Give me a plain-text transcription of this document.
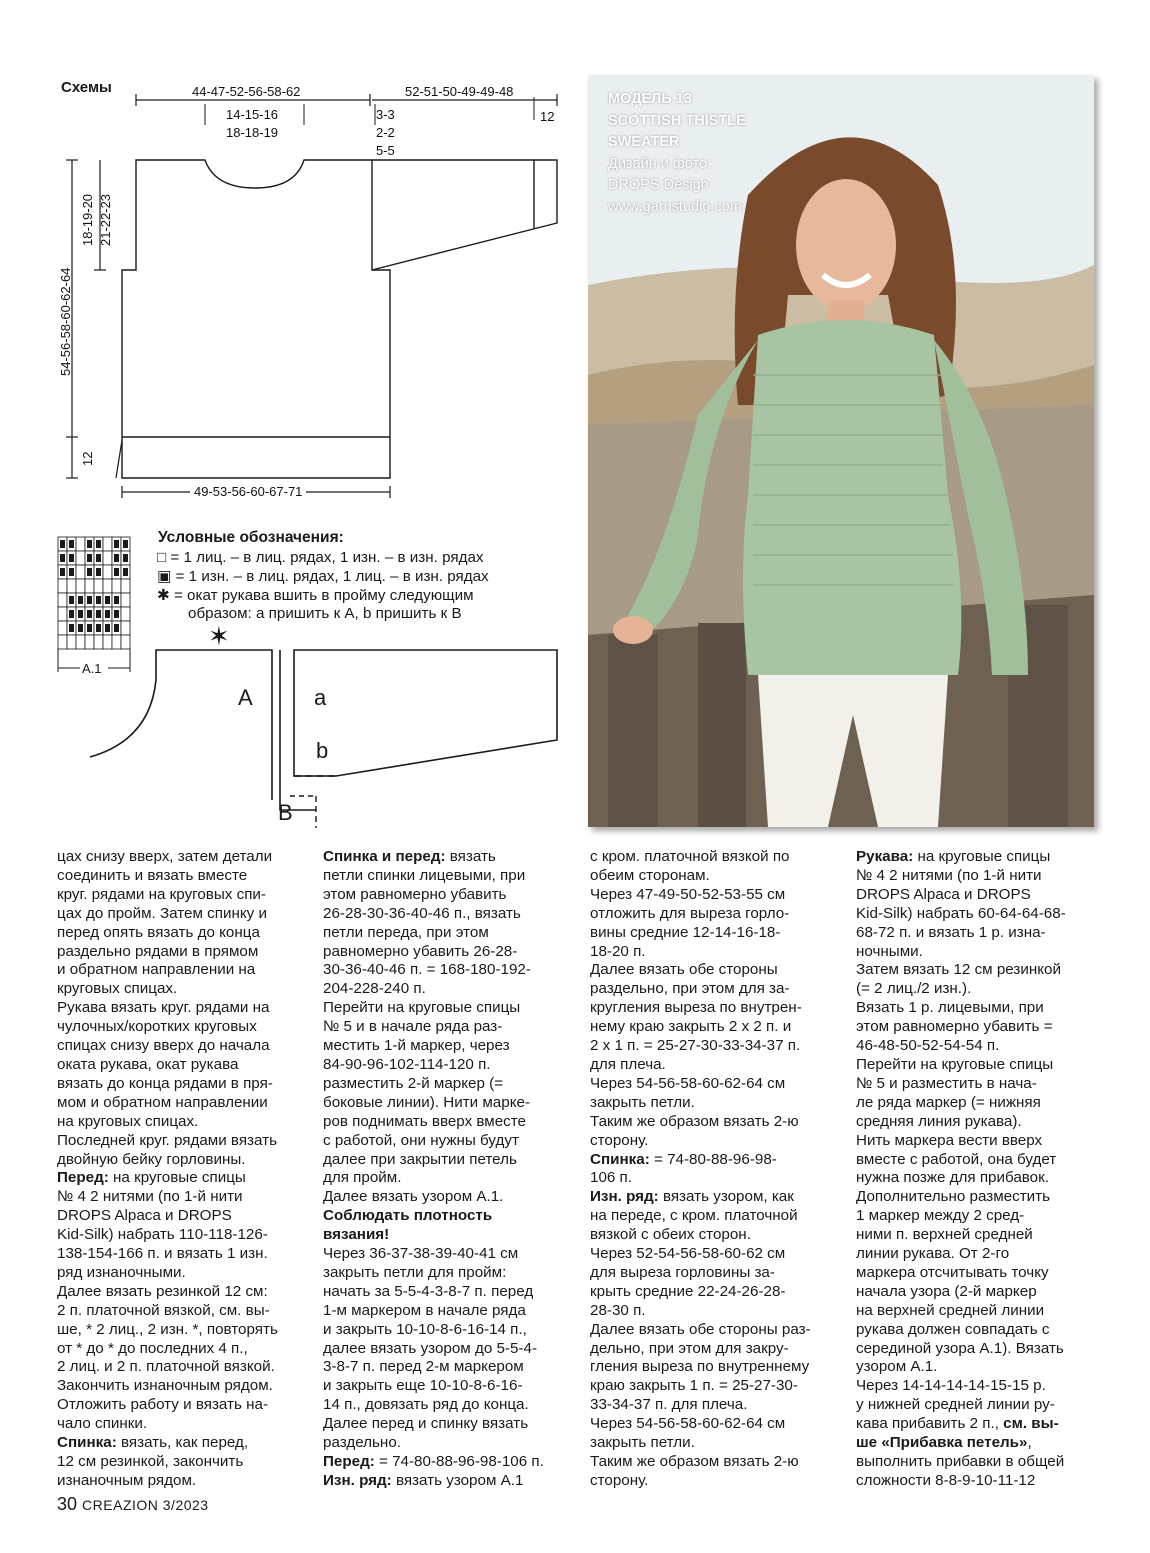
✶
Схемы	44-47-52-56-58-62
14-15-16
18-18-19
52-51-50-49-49-48
3-3
2-2
5-5
12
18-19-20 21-22-23
54-56-58-60-62-64
12
49-53-56-60-67-71
Условные обозначения:
□ = 1 лиц. – в лиц. рядах, 1 изн. – в изн. рядах
▣ = 1 изн. – в лиц. рядах, 1 лиц. – в изн. рядах
✱ = окат рукава вшить в пройму следующим
образом: a пришить к А, b пришить к В
A.1
A	a
b
B
МОДЕЛЬ 13
SCOTTISH THISTLE
SWEATER
Дизайн и фото:
DROPS Design
www.garnstudio.com
цах снизу вверх, затем детали
соединить и вязать вместе
круг. рядами на круговых спи-
цах до пройм. Затем спинку и
перед опять вязать до конца
раздельно рядами в прямом
и обратном направлении на
круговых спицах.
Рукава вязать круг. рядами на
чулочных/коротких круговых
спицах снизу вверх до начала
оката рукава, окат рукава
вязать до конца рядами в пря-
мом и обратном направлении
на круговых спицах.
Последней круг. рядами вязать
двойную бейку горловины.
Перед: на круговые спицы
№ 4 2 нитями (по 1-й нити
DROPS Alpaca и DROPS
Kid-Silk) набрать 110-118-126-
138-154-166 п. и вязать 1 изн.
ряд изнаночными.
Далее вязать резинкой 12 см:
2 п. платочной вязкой, см. вы-
ше, * 2 лиц., 2 изн. *, повторять
от * до * до последних 4 п.,
2 лиц. и 2 п. платочной вязкой.
Закончить изнаночным рядом.
Отложить работу и вязать на-
чало спинки.
Спинка: вязать, как перед,
12 см резинкой, закончить
изнаночным рядом.
Спинка и перед: вязать
петли спинки лицевыми, при
этом равномерно убавить
26-28-30-36-40-46 п., вязать
петли переда, при этом
равномерно убавить 26-28-
30-36-40-46 п. = 168-180-192-
204-228-240 п.
Перейти на круговые спицы
№ 5 и в начале ряда раз-
местить 1-й маркер, через
84-90-96-102-114-120 п.
разместить 2-й маркер (=
боковые линии). Нити марке-
ров поднимать вверх вместе
с работой, они нужны будут
далее при закрытии петель
для пройм.
Далее вязать узором А.1.
Соблюдать плотность
вязания!
Через 36-37-38-39-40-41 см
закрыть петли для пройм:
начать за 5-5-4-3-8-7 п. перед
1-м маркером в начале ряда
и закрыть 10-10-8-6-16-14 п.,
далее вязать узором до 5-5-4-
3-8-7 п. перед 2-м маркером
и закрыть еще 10-10-8-6-16-
14 п., довязать ряд до конца.
Далее перед и спинку вязать
раздельно.
Перед: = 74-80-88-96-98-106 п.
Изн. ряд: вязать узором А.1
с кром. платочной вязкой по
обеим сторонам.
Через 47-49-50-52-53-55 см
отложить для выреза горло-
вины средние 12-14-16-18-
18-20 п.
Далее вязать обе стороны
раздельно, при этом для за-
кругления выреза по внутрен-
нему краю закрыть 2 х 2 п. и
2 х 1 п. = 25-27-30-33-34-37 п.
для плеча.
Через 54-56-58-60-62-64 см
закрыть петли.
Таким же образом вязать 2-ю
сторону.
Спинка: = 74-80-88-96-98-
106 п.
Изн. ряд: вязать узором, как
на переде, с кром. платочной
вязкой с обеих сторон.
Через 52-54-56-58-60-62 см
для выреза горловины за-
крыть средние 22-24-26-28-
28-30 п.
Далее вязать обе стороны раз-
дельно, при этом для закру-
гления выреза по внутреннему
краю закрыть 1 п. = 25-27-30-
33-34-37 п. для плеча.
Через 54-56-58-60-62-64 см
закрыть петли.
Таким же образом вязать 2-ю
сторону.
Рукава: на круговые спицы
№ 4 2 нитями (по 1-й нити
DROPS Alpaca и DROPS
Kid-Silk) набрать 60-64-64-68-
68-72 п. и вязать 1 р. изна-
ночными.
Затем вязать 12 см резинкой
(= 2 лиц./2 изн.).
Вязать 1 р. лицевыми, при
этом равномерно убавить =
46-48-50-52-54-54 п.
Перейти на круговые спицы
№ 5 и разместить в нача-
ле ряда маркер (= нижняя
средняя линия рукава).
Нить маркера вести вверх
вместе с работой, она будет
нужна позже для прибавок.
Дополнительно разместить
1 маркер между 2 сред-
ними п. верхней средней
линии рукава. От 2-го
маркера отсчитывать точку
начала узора (2-й маркер
на верхней средней линии
рукава должен совпадать с
серединой узора А.1). Вязать
узором А.1.
Через 14-14-14-14-15-15 р.
у нижней средней линии ру-
кава прибавить 2 п., см. вы-
ше «Прибавка петель»,
выполнить прибавки в общей
сложности 8-8-9-10-11-12
30 CREAZION 3/2023
